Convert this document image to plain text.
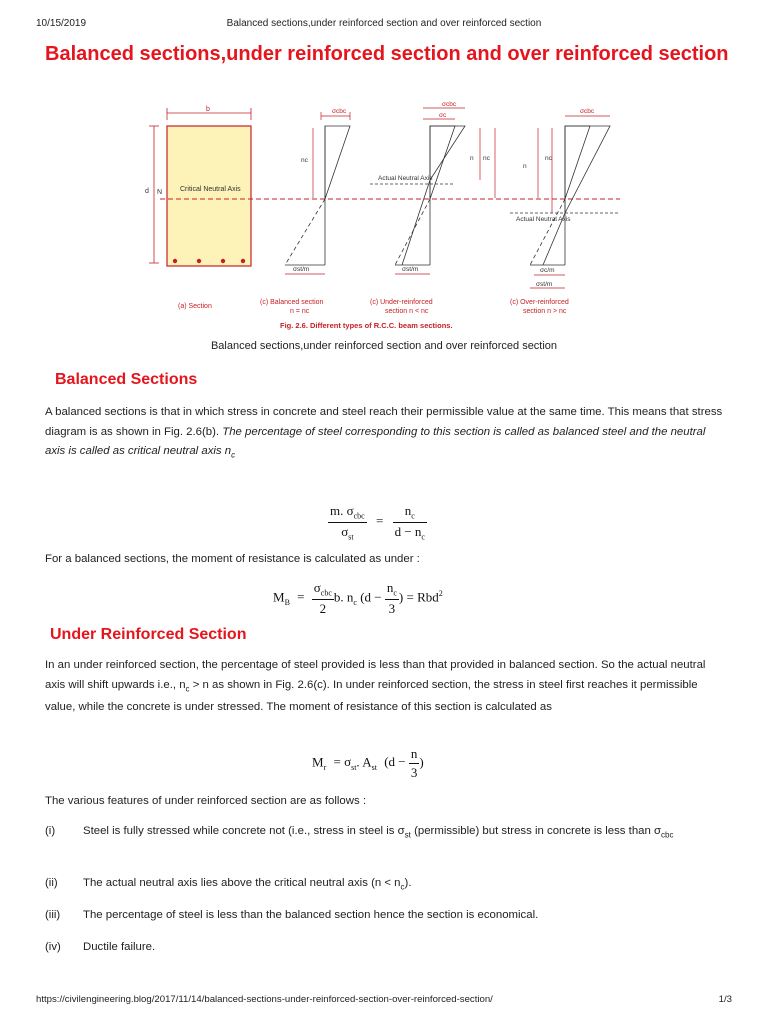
10/15/2019	Balanced sections,under reinforced section and over reinforced section
Balanced sections,under reinforced section and over reinforced section
b
d N	Critical Neutral Axis
σcbc
nc
σst/m
σcbc
σc
n nc
Actual Neutral Axis
σst/m
σcbc
n
nc
Actual Neutral Axis
σc/m
σst/m
(a) Section
(c) Balanced section
n = nc
(c) Under-reinforced
section n < nc
(c) Over-reinforced
section n > nc
Fig. 2.6. Different types of R.C.C. beam sections.
Balanced sections,under reinforced section and over reinforced section
Balanced Sections

A balanced sections is that in which stress in concrete and steel reach their permissible value at the same time. This means that stress diagram is as shown in Fig. 2.6(b). The percentage of steel corresponding to this section is called as balanced steel and the neutral axis is called as critical neutral axis $n_c$

$\frac{m. \sigma_{cbc}}{\sigma_{st}} = \frac{n_c}{d - n_c}$

For a balanced sections, the moment of resistance is calculated as under :

$M_B = \frac{\sigma_{cbc}}{2} b$. $n_c$ ($d - \frac{n_c}{3}$ ) = Rbd$^2$
Under Reinforced Section

In an under reinforced section, the percentage of steel provided is less than that provided in balanced section. So the actual neutral axis will shift upwards i.e., $n_c > n$ as shown in Fig. 2.6(c). In under reinforced section, the stress in steel first reaches it permissible value, while the concrete is under stressed. The moment of resistance of this section is calculated as

$M_r = \sigma_{st}$. $A_{st}$ ($d - \frac{n}{3}$ )

The various features of under reinforced section are as follows :

(i) Steel is fully stressed while concrete not (i.e., stress in steel is $\sigma_{st}$ (permissible) but stress in concrete is less than $\sigma_{cbc}$
(ii) The actual neutral axis lies above the critical neutral axis $(n < n_c)$.
(iii) The percentage of steel is less than the balanced section hence the section is economical.
(iv) Ductile failure.
https://civilengineering.blog/2017/11/14/balanced-sections-under-reinforced-section-over-reinforced-section/	1/3
